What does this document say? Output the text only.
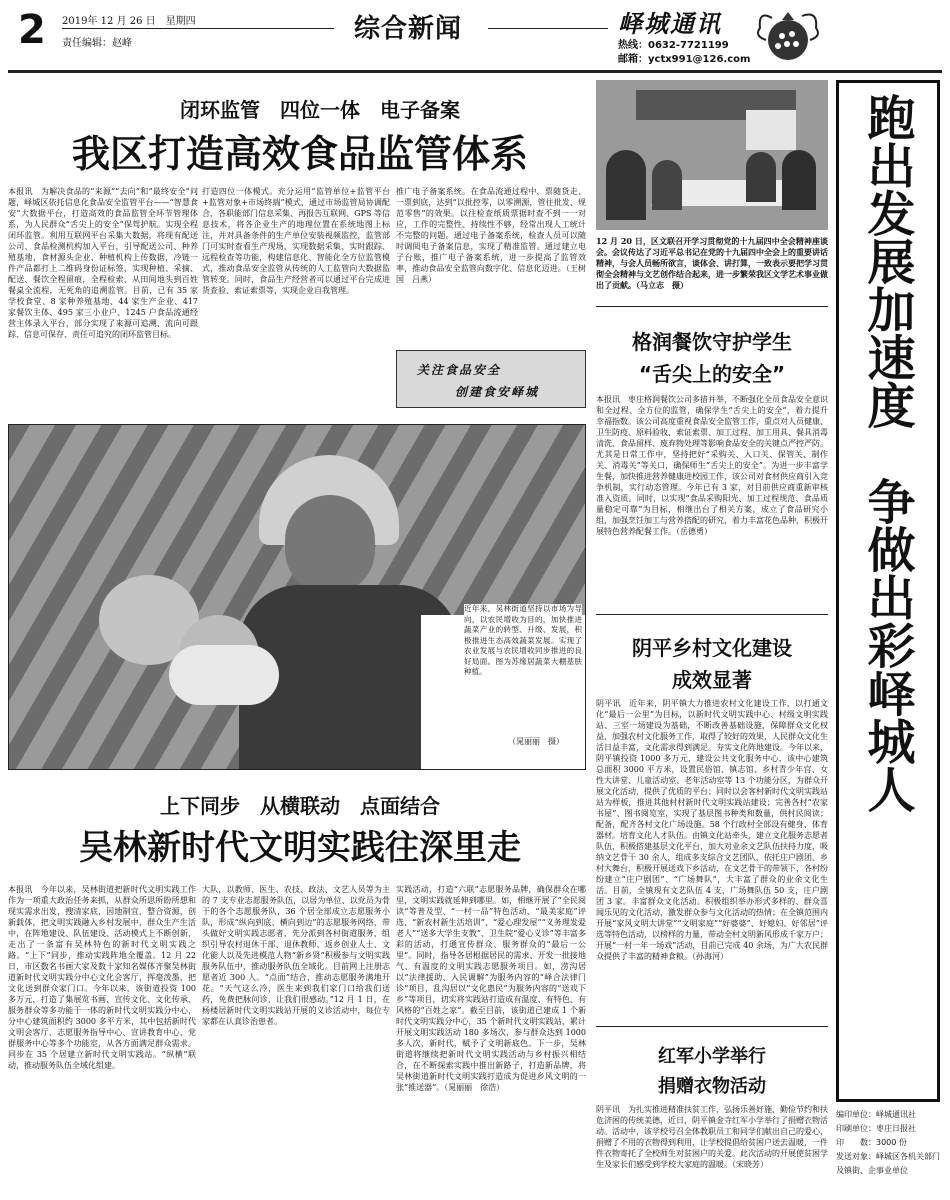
2 2019年 12 月 26 日　星期四
责任编辑：赵峰	综合新闻	峄城通讯
热线：0632-7721199
邮箱：yctx991@126.com
闭环监管　四位一体　电子备案
我区打造高效食品监管体系
本报讯　为解决食品的“来源”“去向”和“最终安全”问题，峄城区依托信息化食品安全监管平台——“智慧食安”大数据平台，打造高效的食品监管全环节管理体系，为人民群众“舌尖上的安全”保驾护航。实现全程闭环监管。利用互联网平台采集大数据，将现有配送公司、食品检测机构加入平台，引导配送公司、种养殖基地、食材源头企业、种植机构上传数据，冷链一件产品都打上二维码身份证标签，实现种植、采摘、配送、餐饮全程留痕，全程检索，从田间地头到百姓餐桌全流程，无死角的追溯监管。目前，已有 35 家学校食堂、8 家种养殖基地、44 家生产企业、417 家餐饮主体、495 家三小业户、1245 户食品流通经营主体录入平台，部分实现了来源可追溯、流向可跟踪、信息可保存、责任可追究的闭环监管目标。
打造四位一体模式。充分运用“监管单位+监管平台+监管对象+市场终端”模式，通过市场监管局协调配合，各职能部门信息采集、再报告互联网、GPS 等信息技术，将各企业生产的地理位置在系统地图上标注，并对具备条件的生产单位安装视频监控，监管部门可实时查看生产现场，实现数据采集、实时跟踪、远程检查等功能，构建信息化、智能化全方位监管模式，推动食品安全监管从传统的人工监管向大数据监管转变。同时，食品生产经营者可以通过平台完成进货查验、索证索票等，实现企业自我管理。
推广电子备案系统。在食品流通过程中，票随货走、一票到底，达到“以批控零，以零溯源，管住批发、规范零售”的效果。以往检查纸质票据时查不到一一对应，工作的完整性、持续性不够，经常出现人工统计不完整的问题。通过电子备案系统，检查人员可以随时调阅电子备案信息，实现了精准监管。通过建立电子台账，推广电子备案系统，进一步提高了监管效率，推动食品安全监管向数字化、信息化迈进。（王树国　吕燕）
关注食品安全
创建食安峄城
12 月 20 日，区文联召开学习贯彻党的十九届四中全会精神座谈会。会议传达了习近平总书记在党的十九届四中全会上的重要讲话精神，与会人员畅所欲言，谈体会、讲打算，一致表示要把学习贯彻全会精神与文艺创作结合起来，进一步繁荣我区文学艺术事业做出了贡献。（马立志　摄）
格润餐饮守护学生
“舌尖上的安全”
本报讯　枣庄格润餐饮公司多措并举，不断强化全员食品安全意识和全过程、全方位的监管，确保学生“舌尖上的安全”，着力提升幸福指数。该公司高度重视食品安全监管工作，重点对人员健康、卫生防疫、原料验收、索证索票、加工过程、加工用具、餐具消毒清洗、食品留样、废弃物处理等影响食品安全的关键点严控严防。尤其是日常工作中，坚持把好“采购关、入口关、保管关、制作关、消毒关”等关口，确保师生“舌尖上的安全”。为进一步丰富学生餐，加快推进营养健康进校园工作，该公司对食材供应商引入竞争机制，实行动态管理。今年已有 3 家，对目前供应商重新审核准入资质。同时，以实现“食品采购阳光、加工过程规范、食品质量稳定可靠”为目标，相继出台了相关方案，成立了食品研究小组，加强烹饪加工与营养搭配的研究，着力丰富花色品种，积极开展特色营养配餐工作。（岳德勇）
近年来，吴林街道坚持以市场为导向，以农民增收为目的，加快推进蔬菜产业的转型、升级、发展，积极推进生态高效蔬菜发展。实现了农业发展与农民增收同步推进的良好局面。图为苏缘居蔬菜大棚基肤种植。
（晁丽丽　摄）
上下同步　从横联动　点面结合
吴林新时代文明实践往深里走
本报讯　今年以来，吴林街道把新时代文明实践工作作为一项重大政治任务来抓，从群众所思所盼所想和现实需求出发，搜清家底，因地制宜，整合资源，创新载体，把文明实践融入乡村发展中，群众生产生活中，在阵地建设、队伍建设、活动模式上不断创新，走出了一条富有吴林特色的新时代文明实践之路。“上下”同步，推动实践阵地全覆盖。12 月 22 日，市区数名书画大家及数十家知名媒体齐聚吴林街道新时代文明实践分中心文化会客厅，挥毫泼墨，把文化送到群众家门口。今年以来，该街道投资 100 多万元，打造了集展览书画、宣传文化、文化传承、服务群众等多功能于一体的新时代文明实践分中心，分中心建筑面积约 3000 多平方米，其中包括新时代文明会客厅、志愿服务指导中心、宣讲教育中心、党群服务中心等多个功能室，从各方面满足群众需求。同步在 35 个居建立新时代文明实践站。“纵横”联动，推动服务队伍全域化组建。
大队，以教师、医生、农技、政法、文艺人员等为主的 7 支专业志愿服务队伍，以居为单位、以党员为骨干的各个志愿服务队，36 个居全部成立志愿服务小队，形成“纵向到底、横向到边”的志愿服务网络，带头做好文明实践志愿者，先分派到各村街道服务，组织引导农村退休干部、退休教师、返乡创业人士、文化能人以及先进模范人物“新乡贤”积极参与文明实践服务队伍中，推动服务队伍全域化。目前网上注册志愿者近 300 人。“点面”结合，推动志愿服务满地开花。“天气这么冷，医生来到我们家门口给我们送药，免费把脉问诊，让我们很感动。”12 月 1 日，在杨楼居新时代文明实践站开展的义诊活动中，每位专家都在认真诊治患者。
实践活动，打造“六联”志愿服务品牌，确保群众在哪里，文明实践就延伸到哪里。如，相继开展了“全民阅读”等普及型、“一村一品”特色活动、“最美家庭”评选、“新农村新生活培训”、“爱心理发屋”“义务理发爱老人”“送多大学生支教”、卫生院“爱心义诊”等丰富多彩的活动，打通宣传群众、服务群众的“最后一公里”。同时，指导各居根据居民的需求、开发一批接地气、有温度的文明实践志愿服务项目。如，涝沟居以“法律援助、入民调解”为服务内容的“峄合法律门诊”项目，乱沟居以“文化惠民”为服务内容的“送戏下乡”等项目，切实将实践站打造成有温度、有特色、有风格的“百姓之家”。截至目前，该街道已建成 1 个新时代文明实践分中心，35 个新时代文明实践站，累计开展文明实践活动 180 多场次，参与群众达到 1000 多人次，新时代，赋予了文明新底色。下一步，吴林街道将继续把新时代文明实践活动与乡村振兴相结合，在不断探索实践中推出新路子，打造新品牌，将吴林街道新时代文明实践打造成为促进乡风文明的一张“推送器”。（晁丽丽　徐浩）
阴平乡村文化建设
成效显著
阴平讯　近年来，阴平镇大力推进农村文化建设工作，以打通文化“最后一公里”为目标，以新时代文明实践中心、村级文明实践站、三室一场建设为基础，不断改善基础设施，保障群众文化权益，加强农村文化服务工作，取得了较好的效果，人民群众文化生活日益丰富，文化需求得到满足。夯实文化阵地建设。今年以来，阴平镇投资 1000 多万元，建设公共文化服务中心，该中心建筑总面积 3000 平方米，设置民俗馆、镇志馆、乡村青少年宫、女性大讲堂、儿童活动室、老年活动室等 13 个功能分区，为群众开展文化活动，提供了优质的平台；同时以会客村新时代文明实践站站为样板，推进其他村村新时代文明实践站建设；完善各村“农家书屋”、图书阅览室，实现了基层图书种类和数量，供村民阅读；配备，配齐各村文化广场设施。58 个行政村全部设有健身、体育器材。培育文化人才队伍。由镇文化站牵头，建立文化服务志愿者队伍，积极搭建基层文化平台，加大对业余文艺队伍扶持力度，吸纳文艺骨干 30 余人，组成多支综合文艺团队，依托庄户剧团、乡村大舞台，积极开展送戏下乡活动，在文艺骨干的带领下，各村纷纷建立“庄户剧团”、“广场舞队”，大丰富了群众的业余文化生活。目前，全镇现有文艺队伍 4 支，广场舞队伍 50 支，庄户剧团 3 家。丰富群众文化活动。积极组织举办形式多样的、群众喜闻乐见的文化活动，激发群众参与文化活动的热情；在全镇范围内开展“家风文明大讲堂”“文明家庭”“好婆婆”、好媳妇、好邻居”评选等特色活动，以榜样的力量，带动全村文明新风形成千家万户；开展“一村一年一场戏”活动，目前已完成 40 余场，为广大农民群众提供了丰富的精神食粮。（孙海河）
红军小学举行
捐赠衣物活动
阴平讯　为扎实推进精准扶贫工作，弘扬乐善好施、勤俭节约和扶危济困的传统美德，近日，阴平镇金寺红军小学举行了捐赠衣物活动。活动中，该学校号召全体教职员工和同学们献出自己的爱心，捐赠了不用的衣物得到利用，让学校提倡给贫困户送去温暖，一件件衣物寄托了全校师生对贫困户的关爱。此次活动的开展使贫困学生及家长们感受到学校大家庭的温暖。（宋晓芳）
跑出发展加速度　争做出彩峄城人
编印单位：峄城通讯社
印刷单位：枣庄日报社
印　　数：3000 份
发送对象：峄城区各机关部门及镇街、企事业单位
